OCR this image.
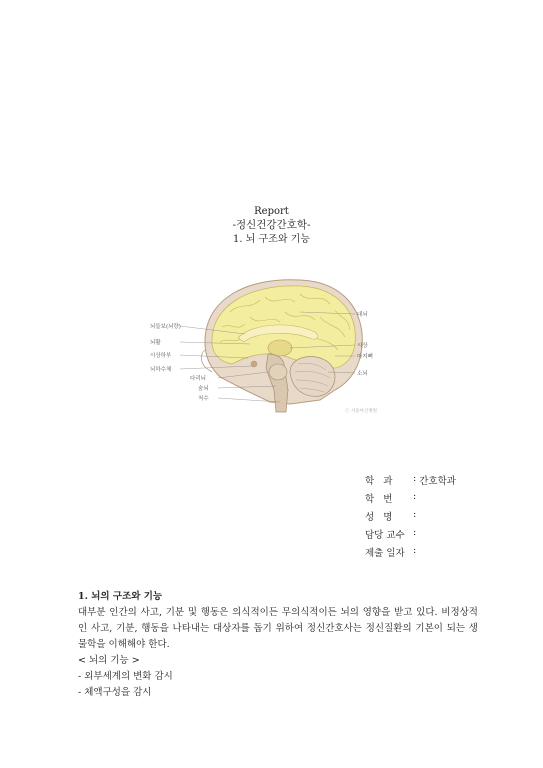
Report
-정신건강간호학-
1. 뇌 구조와 기능
뇌들보(뇌량)
뇌활
시상하부
뇌하수체
다리뇌
숨뇌
척수
대뇌
시상
마지뼈
소뇌
ⓒ 서울아산병원
학   과	:
간호학과
학   번	:

성   명	:

담당 교수 :

제출 일자 :

1. 뇌의 구조와 기능
대부분 인간의 사고, 기분 및 행동은 의식적이든 무의식적이든 뇌의 영향을 받고 있다. 비정상적인 사고, 기분, 행동을 나타내는 대상자를 돕기 위하여 정신간호사는 정신질환의 기본이 되는 생물학을 이해해야 한다.
< 뇌의 기능 >
- 외부세계의 변화 감시
- 체액구성을 감시
